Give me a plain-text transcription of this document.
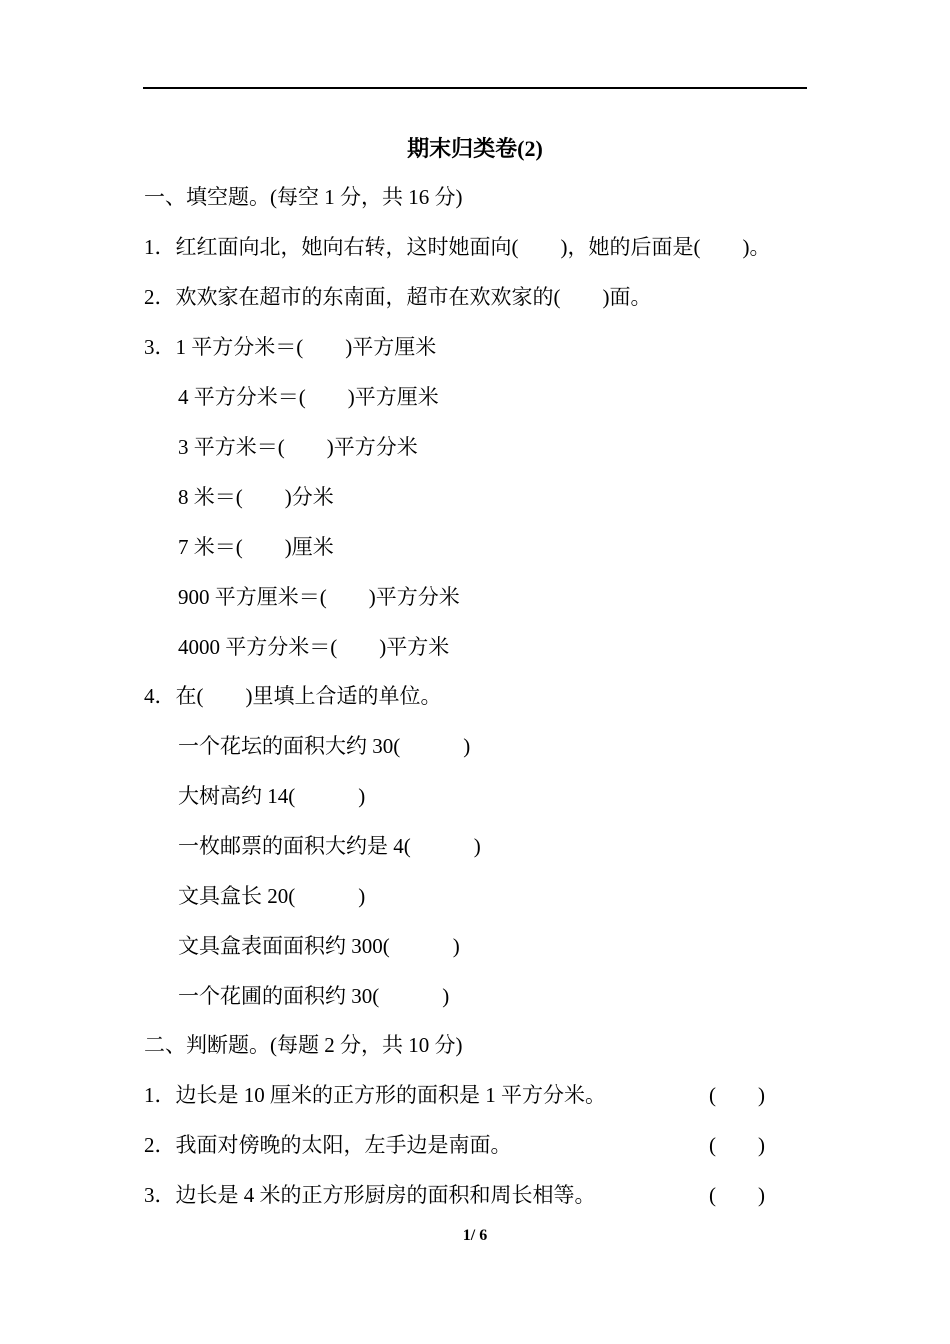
期末归类卷(2)
一、填空题。(每空 1 分，共 16 分)
1．红红面向北，她向右转，这时她面向(　　)，她的后面是(　　)。
2．欢欢家在超市的东南面，超市在欢欢家的(　　)面。
3．1 平方分米＝(　　)平方厘米
4 平方分米＝(　　)平方厘米
3 平方米＝(　　)平方分米
8 米＝(　　)分米
7 米＝(　　)厘米
900 平方厘米＝(　　)平方分米
4000 平方分米＝(　　)平方米
4．在(　　)里填上合适的单位。
一个花坛的面积大约 30(　　　)
大树高约 14(　　　)
一枚邮票的面积大约是 4(　　　)
文具盒长 20(　　　)
文具盒表面面积约 300(　　　)
一个花圃的面积约 30(　　　)
二、判断题。(每题 2 分，共 10 分)
1．边长是 10 厘米的正方形的面积是 1 平方分米。	(　　)
2．我面对傍晚的太阳，左手边是南面。	(　　)
3．边长是 4 米的正方形厨房的面积和周长相等。	(　　)
1/ 6
